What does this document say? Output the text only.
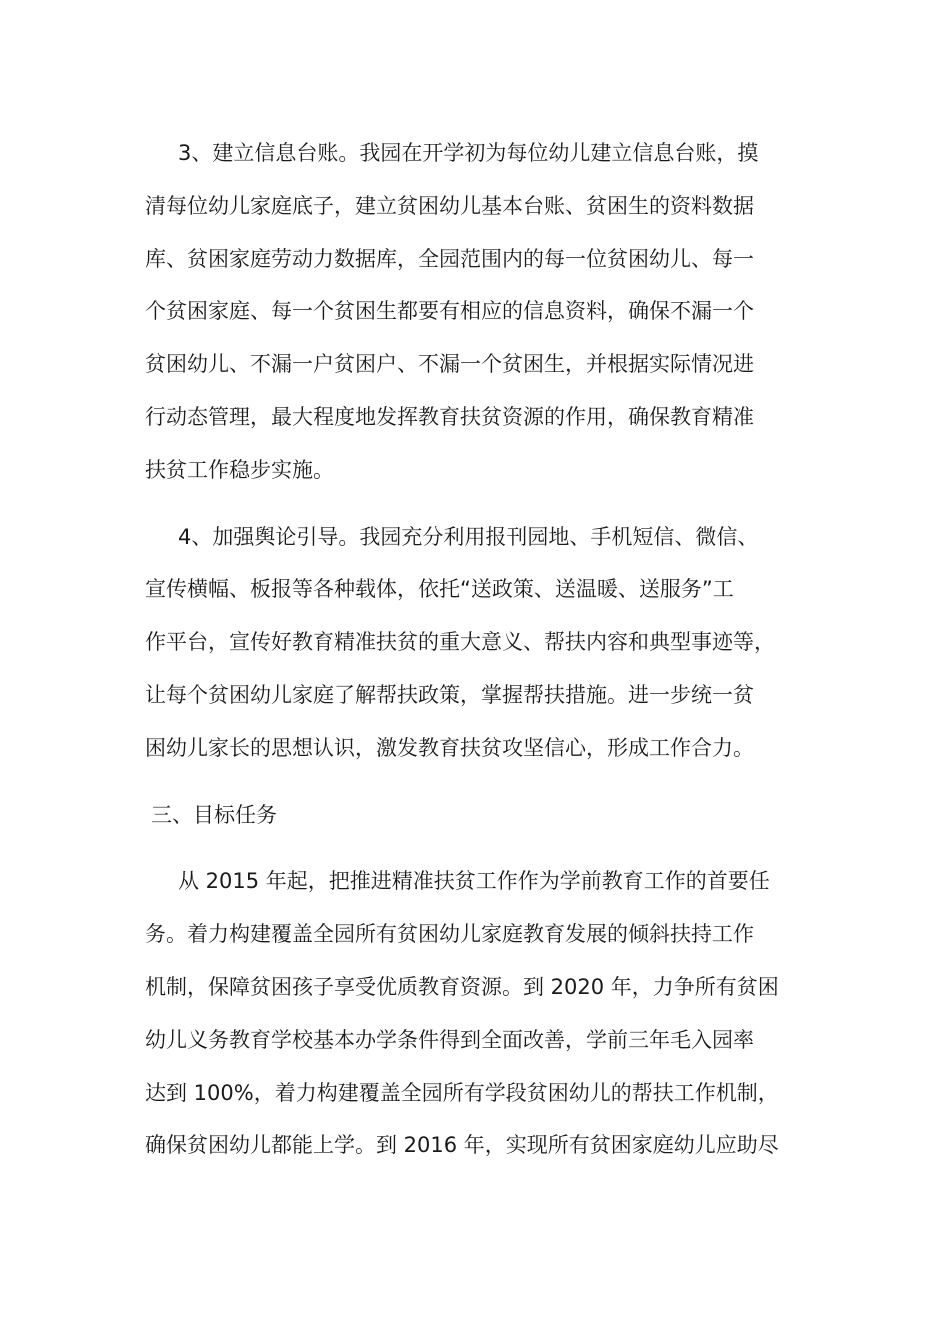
3、建立信息台账。我园在开学初为每位幼儿建立信息台账，摸
清每位幼儿家庭底子，建立贫困幼儿基本台账、贫困生的资料数据
库、贫困家庭劳动力数据库，全园范围内的每一位贫困幼儿、每一
个贫困家庭、每一个贫困生都要有相应的信息资料，确保不漏一个
贫困幼儿、不漏一户贫困户、不漏一个贫困生，并根据实际情况进
行动态管理，最大程度地发挥教育扶贫资源的作用，确保教育精准
扶贫工作稳步实施。
4、加强舆论引导。我园充分利用报刊园地、手机短信、微信、
宣传横幅、板报等各种载体，依托“送政策、送温暖、送服务”工
作平台，宣传好教育精准扶贫的重大意义、帮扶内容和典型事迹等，
让每个贫困幼儿家庭了解帮扶政策，掌握帮扶措施。进一步统一贫
困幼儿家长的思想认识，激发教育扶贫攻坚信心，形成工作合力。

三、目标任务

从 2015 年起，把推进精准扶贫工作作为学前教育工作的首要任
务。着力构建覆盖全园所有贫困幼儿家庭教育发展的倾斜扶持工作
机制，保障贫困孩子享受优质教育资源。到 2020 年，力争所有贫困
幼儿义务教育学校基本办学条件得到全面改善，学前三年毛入园率
达到 100%，着力构建覆盖全园所有学段贫困幼儿的帮扶工作机制，
确保贫困幼儿都能上学。到 2016 年，实现所有贫困家庭幼儿应助尽
